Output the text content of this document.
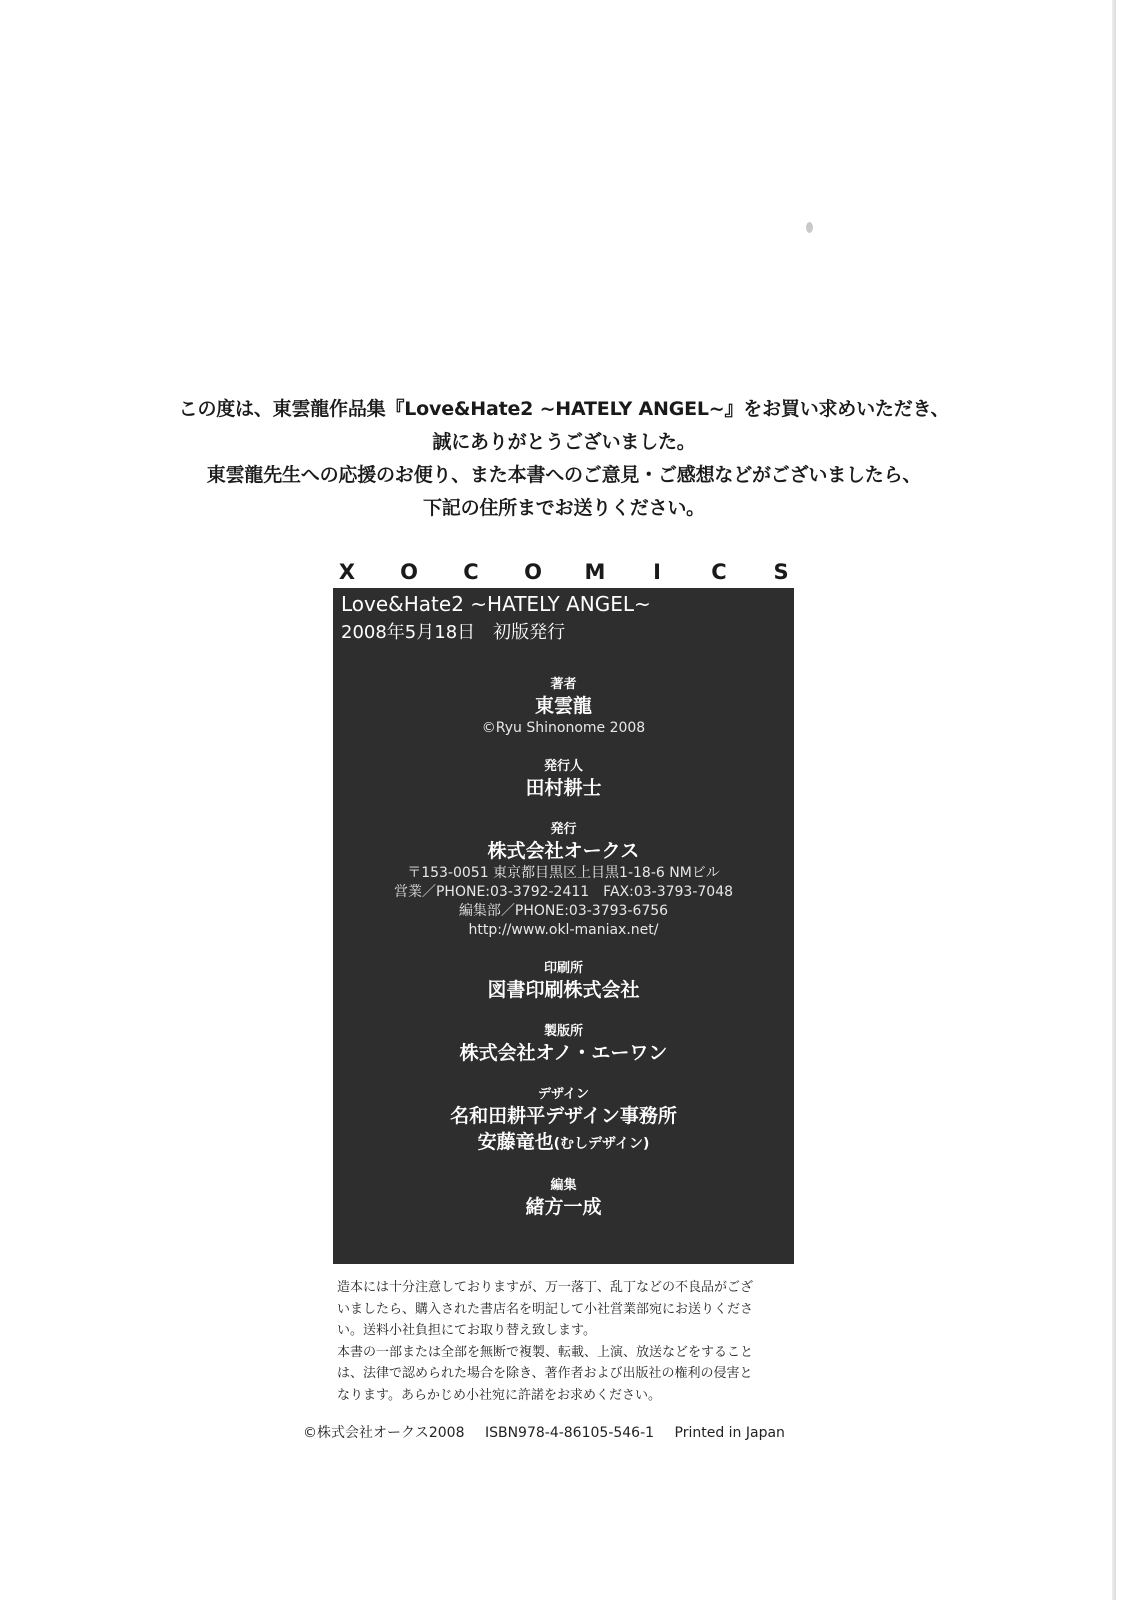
この度は、東雲龍作品集『Love&Hate2 ~HATELY ANGEL~』をお買い求めいただき、
誠にありがとうございました。
東雲龍先生への応援のお便り、また本書へのご意見・ご感想などがございましたら、
下記の住所までお送りください。
X O C O M	I	C S
Love&Hate2 ~HATELY ANGEL~
2008年5月18日　初版発行
著者
東雲龍
©Ryu Shinonome 2008
発行人
田村耕士
発行
株式会社オークス
〒153-0051 東京都目黒区上目黒1-18-6 NMビル
営業／PHONE:03-3792-2411　FAX:03-3793-7048
編集部／PHONE:03-3793-6756
http://www.okl-maniax.net/
印刷所
図書印刷株式会社
製版所
株式会社オノ・エーワン
デザイン
名和田耕平デザイン事務所
安藤竜也(むしデザイン)
編集
緒方一成
造本には十分注意しておりますが、万一落丁、乱丁などの不良品がござ
いましたら、購入された書店名を明記して小社営業部宛にお送りくださ
い。送料小社負担にてお取り替え致します。
本書の一部または全部を無断で複製、転載、上演、放送などをすること
は、法律で認められた場合を除き、著作者および出版社の権利の侵害と
なります。あらかじめ小社宛に許諾をお求めください。
©株式会社オークス2008 ISBN978-4-86105-546-1 Printed in Japan
